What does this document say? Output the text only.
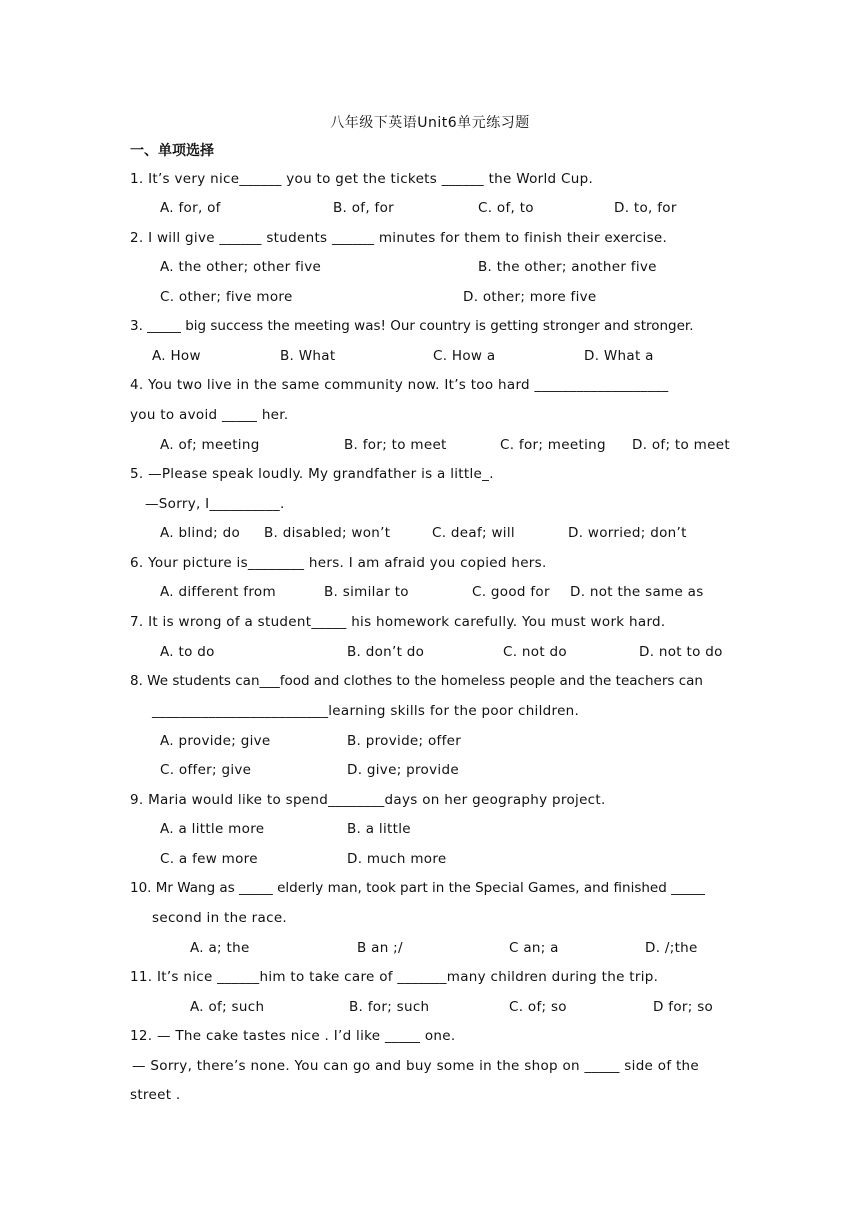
八年级下英语Unit6单元练习题
一、单项选择
1. It’s very nice______ you to get the tickets ______ the World Cup.
A. for, of	B. of, for	C. of, to	D. to, for
2. I will give ______ students ______ minutes for them to finish their exercise.
A. the other; other five	B. the other; another five
C. other; five more	D. other; more five
3. _____ big success the meeting was! Our country is getting stronger and stronger.
A. How	B. What	C. How a	D. What a
4. You two live in the same community now. It’s too hard ___________________
you to avoid _____ her.
A. of; meeting	B. for; to meet	C. for; meeting D. of; to meet
5. —Please speak loudly. My grandfather is a little_.
—Sorry, I__________.
A. blind; do B. disabled; won’t	C. deaf; will	D. worried; don’t
6. Your picture is________ hers. I am afraid you copied hers.
A. different from	B. similar to	C. good for D. not the same as
7. It is wrong of a student_____ his homework carefully. You must work hard.
A. to do	B. don’t do	C. not do	D. not to do
8. We students can___food and clothes to the homeless people and the teachers can
_________________________learning skills for the poor children.
A. provide; give	B. provide; offer
C. offer; give	D. give; provide
9. Maria would like to spend________days on her geography project.
A. a little more	B. a little
C. a few more	D. much more
10. Mr Wang as _____ elderly man, took part in the Special Games, and finished _____
second in the race.
A. a; the	B an ;/	C an; a	D. /;the
11. It’s nice ______him to take care of _______many children during the trip.
A. of; such	B. for; such	C. of; so	D for; so
12. — The cake tastes nice . I’d like _____ one.
— Sorry, there’s none. You can go and buy some in the shop on _____ side of the
street .
